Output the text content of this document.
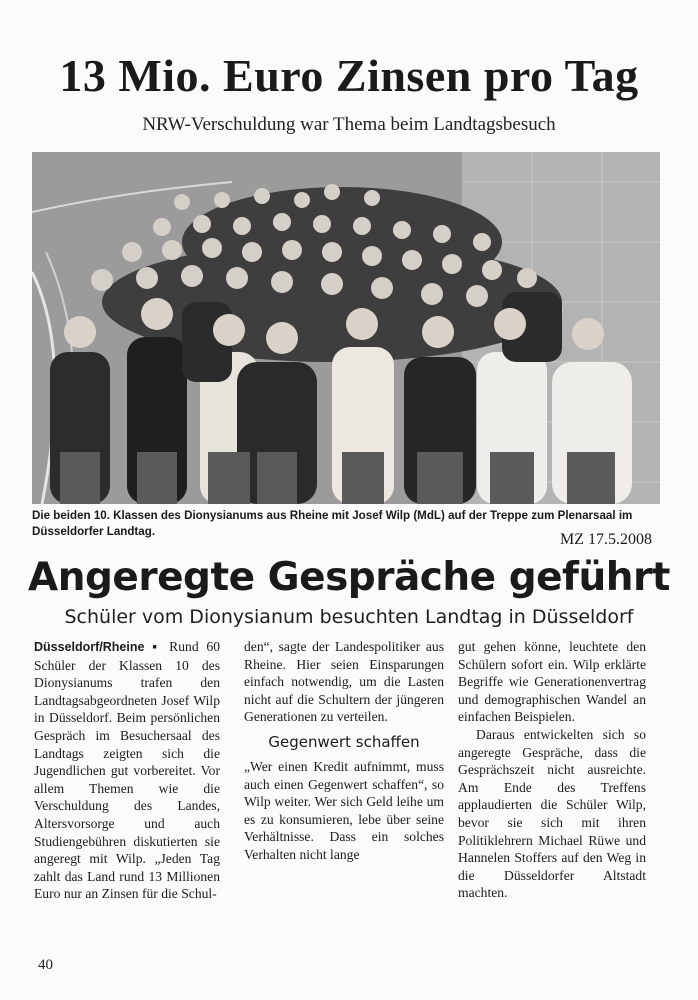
13 Mio. Euro Zinsen pro Tag
NRW-Verschuldung war Thema beim Landtagsbesuch
Die beiden 10. Klassen des Dionysianums aus Rheine mit Josef Wilp (MdL) auf der Treppe zum Plenarsaal im Düsseldorfer Landtag.	MZ 17.5.2008
Angeregte Gespräche geführt
Schüler vom Dionysianum besuchten Landtag in Düsseldorf

Düsseldorf/Rheine ▪ Rund 60 Schüler der Klassen 10 des Dionysianums trafen den Landtagsabgeordneten Josef Wilp in Düsseldorf. Beim persönlichen Gespräch im Besuchersaal des Landtags zeigten sich die Jugendlichen gut vorbereitet. Vor allem Themen wie die Verschuldung des Landes, Altersvorsorge und auch Studiengebühren diskutierten sie angeregt mit Wilp. „Jeden Tag zahlt das Land rund 13 Millionen Euro nur an Zinsen für die Schul-

den“, sagte der Landespolitiker aus Rheine. Hier seien Einsparungen einfach notwendig, um die Lasten nicht auf die Schultern der jüngeren Generationen zu verteilen.

Gegenwert schaffen

„Wer einen Kredit aufnimmt, muss auch einen Gegenwert schaffen“, so Wilp weiter. Wer sich Geld leihe um es zu konsumieren, lebe über seine Verhältnisse. Dass ein solches Verhalten nicht lange

gut gehen könne, leuchtete den Schülern sofort ein. Wilp erklärte Begriffe wie Generationenvertrag und demographischen Wandel an einfachen Beispielen.

Daraus entwickelten sich so angeregte Gespräche, dass die Gesprächszeit nicht ausreichte. Am Ende des Treffens applaudierten die Schüler Wilp, bevor sie sich mit ihren Politiklehrern Michael Rüwe und Hannelen Stoffers auf den Weg in die Düsseldorfer Altstadt machten.

40
